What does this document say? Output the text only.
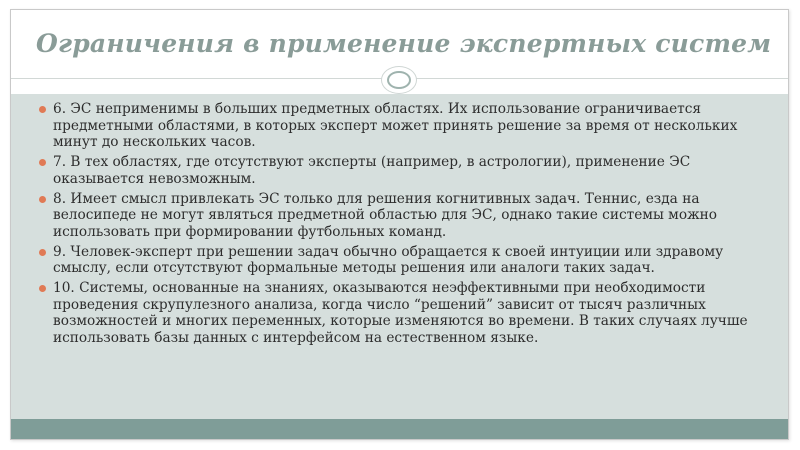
Ограничения в применение экспертных систем
6. ЭС неприменимы в больших предметных областях. Их использование ограничивается предметными областями, в которых эксперт может принять решение за время от нескольких минут до нескольких часов.
7. В тех областях, где отсутствуют эксперты (например, в астрологии), применение ЭС оказывается невозможным.
8. Имеет смысл привлекать ЭС только для решения когнитивных задач. Теннис, езда на велосипеде не могут являться предметной областью для ЭС, однако такие системы можно использовать при формировании футбольных команд.
9. Человек-эксперт при решении задач обычно обращается к своей интуиции или здравому смыслу, если отсутствуют формальные методы решения или аналоги таких задач.
10. Системы, основанные на знаниях, оказываются неэффективными при необходимости проведения скрупулезного анализа, когда число “решений” зависит от тысяч различных возможностей и многих переменных, которые изменяются во времени. В таких случаях лучше использовать базы данных с интерфейсом на естественном языке.
